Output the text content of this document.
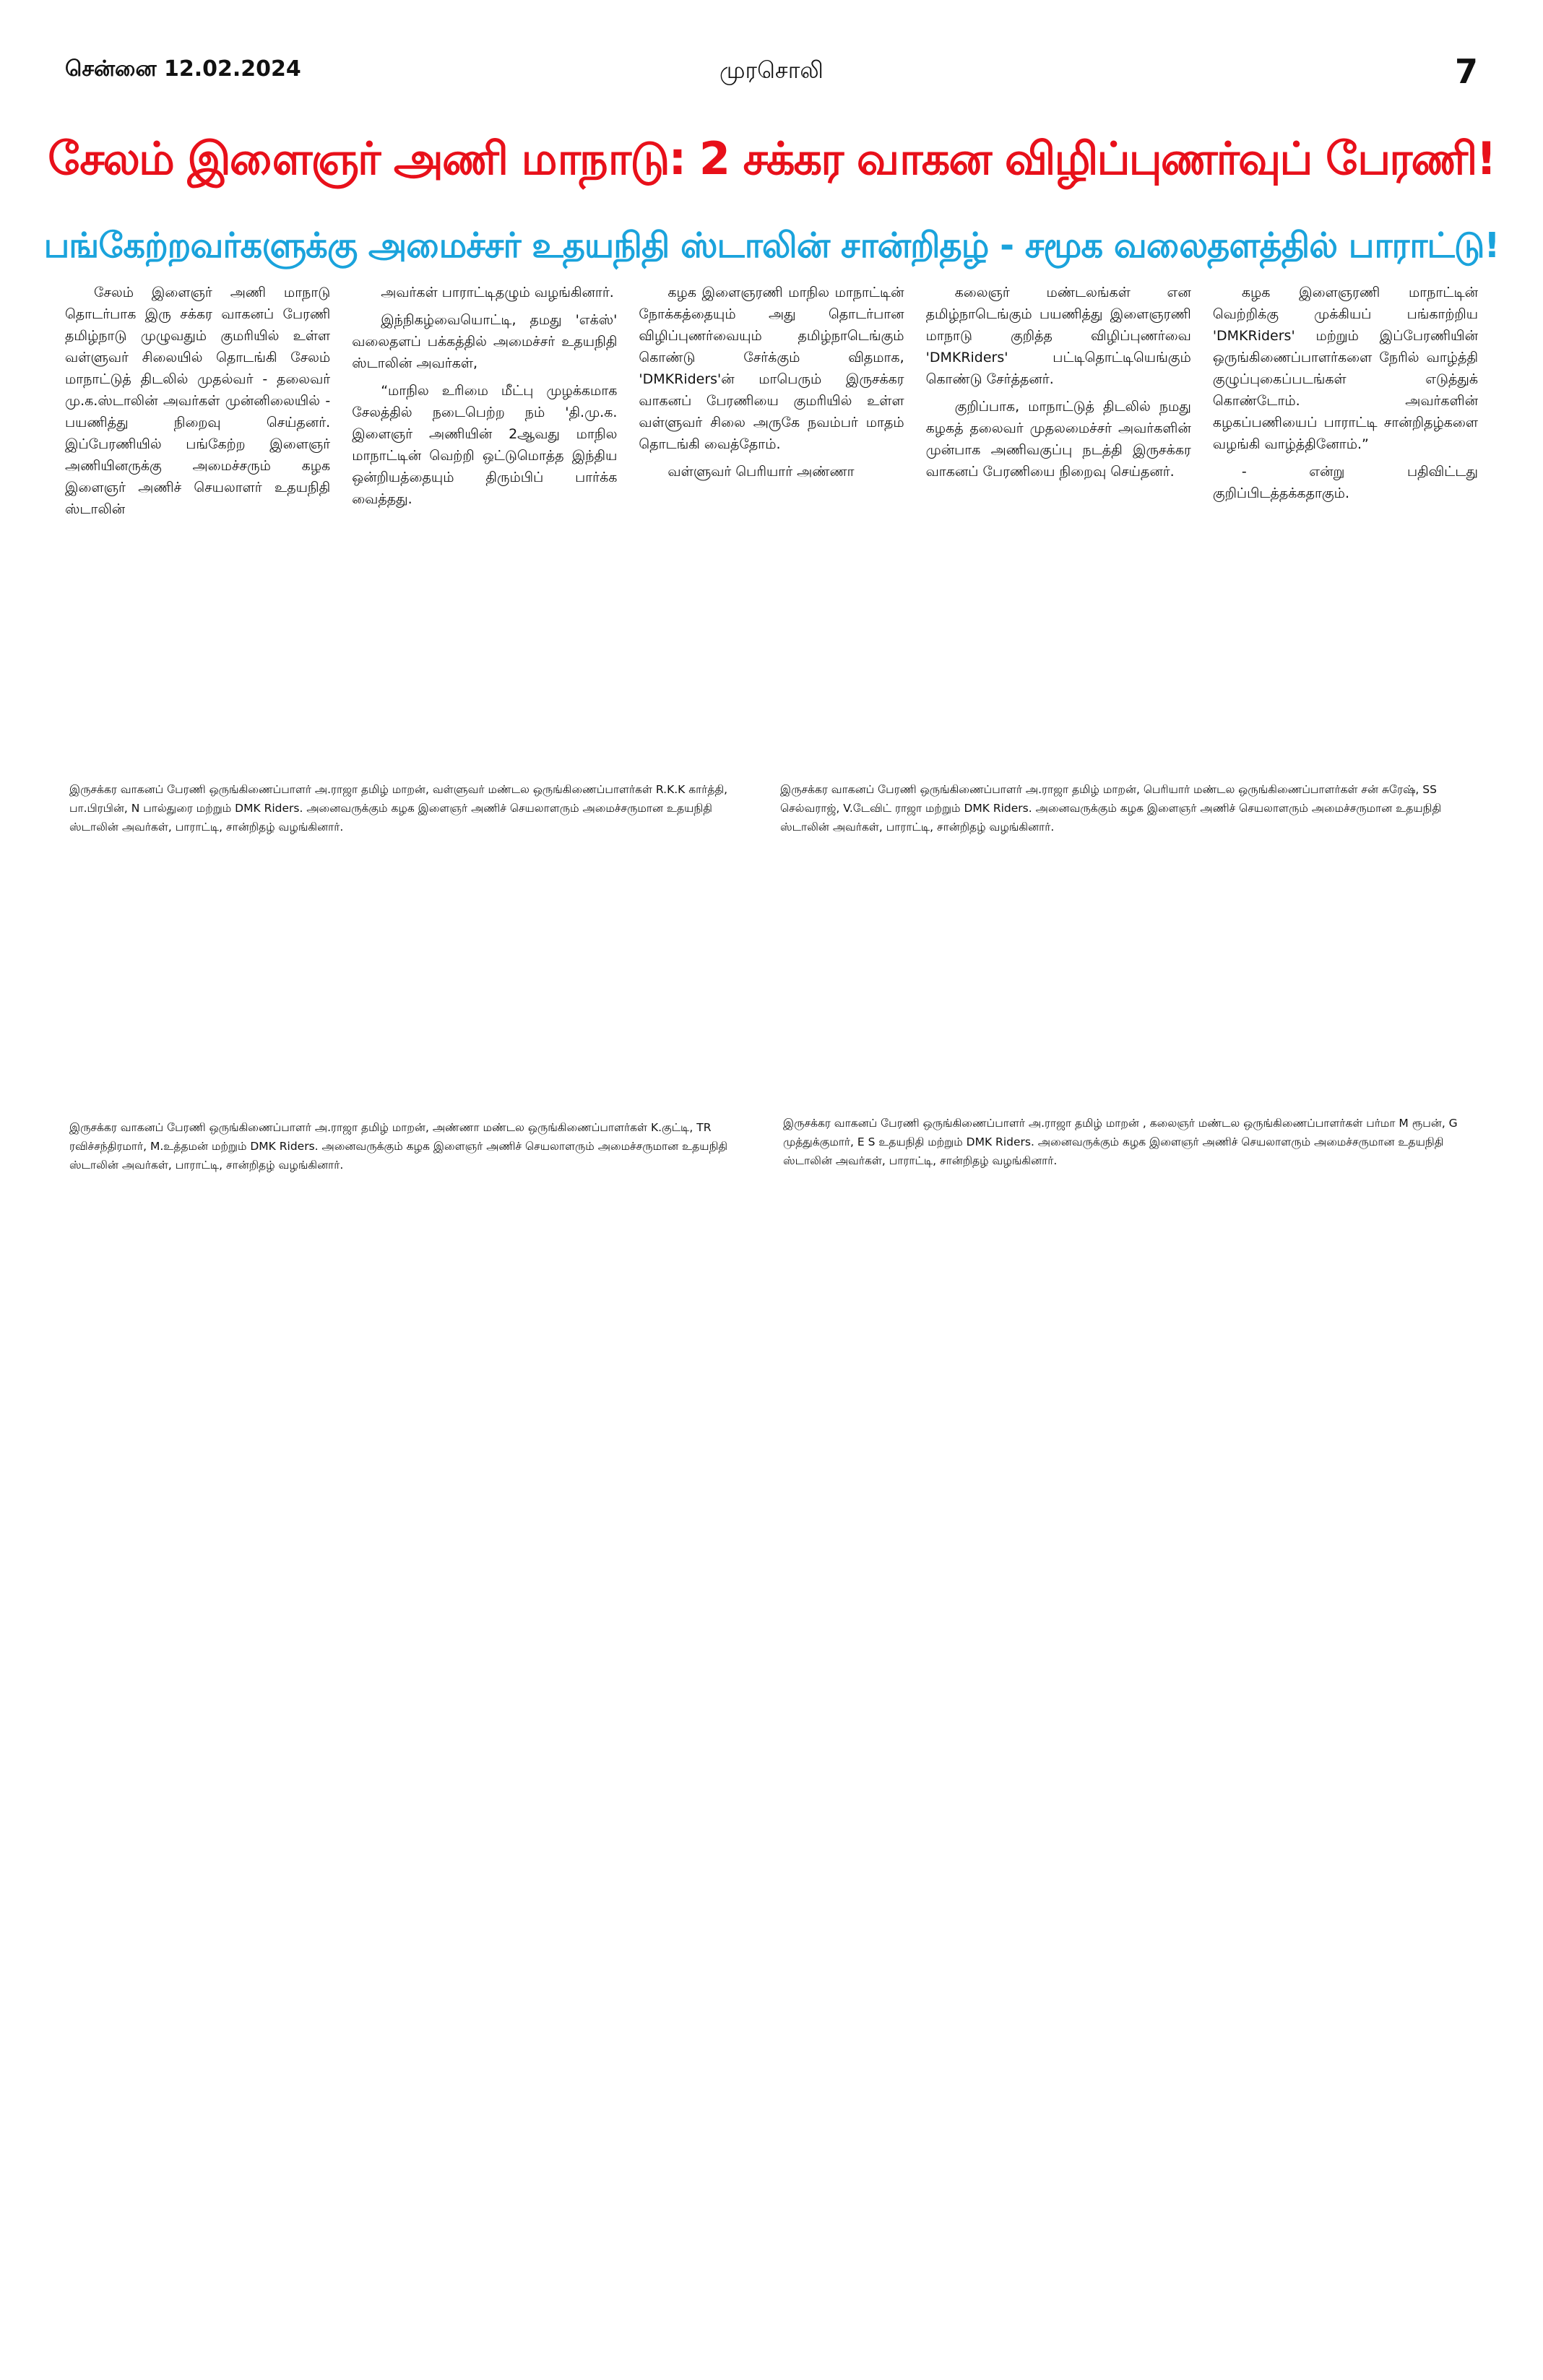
சென்னை 12.02.2024	முரசொலி	7
சேலம் இளைஞர் அணி மாநாடு: 2 சக்கர வாகன விழிப்புணர்வுப் பேரணி!
பங்கேற்றவர்களுக்கு அமைச்சர் உதயநிதி ஸ்டாலின் சான்றிதழ் - சமூக வலைதளத்தில் பாராட்டு!

சேலம் இளைஞர் அணி மாநாடு தொடர்பாக இரு சக்கர வாகனப் பேரணி தமிழ்நாடு முழுவதும் குமரியில் உள்ள வள்ளுவர் சிலையில் தொடங்கி சேலம் மாநாட்டுத் திடலில் முதல்வர் - தலைவர் மு.க.ஸ்டாலின் அவர்கள் முன்னிலையில் - பயணித்து நிறைவு செய்தனர். இப்பேரணியில் பங்கேற்ற இளைஞர் அணியினருக்கு அமைச்சரும் கழக இளைஞர் அணிச் செயலாளர் உதயநிதி ஸ்டாலின்

அவர்கள் பாராட்டிதழும் வழங்கினார்.

இந்நிகழ்வையொட்டி, தமது 'எக்ஸ்' வலைதளப் பக்கத்தில் அமைச்சர் உதயநிதி ஸ்டாலின் அவர்கள்,

“மாநில உரிமை மீட்பு முழக்கமாக சேலத்தில் நடைபெற்ற நம் 'தி.மு.க. இளைஞர் அணியின் 2ஆவது மாநில மாநாட்டின் வெற்றி ஒட்டுமொத்த இந்திய ஒன்றியத்தையும் திரும்பிப் பார்க்க வைத்தது.

கழக இளைஞரணி மாநில மாநாட்டின் நோக்கத்தையும் அது தொடர்பான விழிப்புணர்வையும் தமிழ்நாடெங்கும் கொண்டு சேர்க்கும் விதமாக, 'DMKRiders'ன் மாபெரும் இருசக்கர வாகனப் பேரணியை குமரியில் உள்ள வள்ளுவர் சிலை அருகே நவம்பர் மாதம் தொடங்கி வைத்தோம்.

வள்ளுவர் பெரியார் அண்ணா

கலைஞர் மண்டலங்கள் என தமிழ்நாடெங்கும் பயணித்து இளைஞரணி மாநாடு குறித்த விழிப்புணர்வை 'DMKRiders' பட்டிதொட்டியெங்கும் கொண்டு சேர்த்தனர்.

குறிப்பாக, மாநாட்டுத் திடலில் நமது கழகத் தலைவர் முதலமைச்சர் அவர்களின் முன்பாக அணிவகுப்பு நடத்தி இருசக்கர வாகனப் பேரணியை நிறைவு செய்தனர்.

கழக இளைஞரணி மாநாட்டின் வெற்றிக்கு முக்கியப் பங்காற்றிய 'DMKRiders' மற்றும் இப்பேரணியின் ஒருங்கிணைப்பாளர்களை நேரில் வாழ்த்தி குழுப்புகைப்படங்கள் எடுத்துக் கொண்டோம். அவர்களின் கழகப்பணியைப் பாராட்டி சான்றிதழ்களை வழங்கி வாழ்த்தினோம்.”

- என்று பதிவிட்டது குறிப்பிடத்தக்கதாகும்.

இருசக்கர வாகனப் பேரணி ஒருங்கிணைப்பாளர் அ.ராஜா தமிழ் மாறன், வள்ளுவர் மண்டல ஒருங்கிணைப்பாளர்கள் R.K.K கார்த்தி, பா.பிரபின், N பால்துரை மற்றும் DMK Riders. அனைவருக்கும் கழக இளைஞர் அணிச் செயலாளரும் அமைச்சருமான உதயநிதி ஸ்டாலின் அவர்கள், பாராட்டி, சான்றிதழ் வழங்கினார்.
இருசக்கர வாகனப் பேரணி ஒருங்கிணைப்பாளர் அ.ராஜா தமிழ் மாறன், பெரியார் மண்டல ஒருங்கிணைப்பாளர்கள் சன் சுரேஷ், SS செல்வராஜ், V.டேவிட் ராஜா மற்றும் DMK Riders. அனைவருக்கும் கழக இளைஞர் அணிச் செயலாளரும் அமைச்சருமான உதயநிதி ஸ்டாலின் அவர்கள், பாராட்டி, சான்றிதழ் வழங்கினார்.
இருசக்கர வாகனப் பேரணி ஒருங்கிணைப்பாளர் அ.ராஜா தமிழ் மாறன், அண்ணா மண்டல ஒருங்கிணைப்பாளர்கள் K.குட்டி, TR ரவிச்சந்திரமார், M.உத்தமன் மற்றும் DMK Riders. அனைவருக்கும் கழக இளைஞர் அணிச் செயலாளரும் அமைச்சருமான உதயநிதி ஸ்டாலின் அவர்கள், பாராட்டி, சான்றிதழ் வழங்கினார்.
இருசக்கர வாகனப் பேரணி ஒருங்கிணைப்பாளர் அ.ராஜா தமிழ் மாறன் , கலைஞர் மண்டல ஒருங்கிணைப்பாளர்கள் பர்மா M ரூபன், G முத்துக்குமார், E S உதயநிதி மற்றும் DMK Riders. அனைவருக்கும் கழக இளைஞர் அணிச் செயலாளரும் அமைச்சருமான உதயநிதி ஸ்டாலின் அவர்கள், பாராட்டி, சான்றிதழ் வழங்கினார்.
